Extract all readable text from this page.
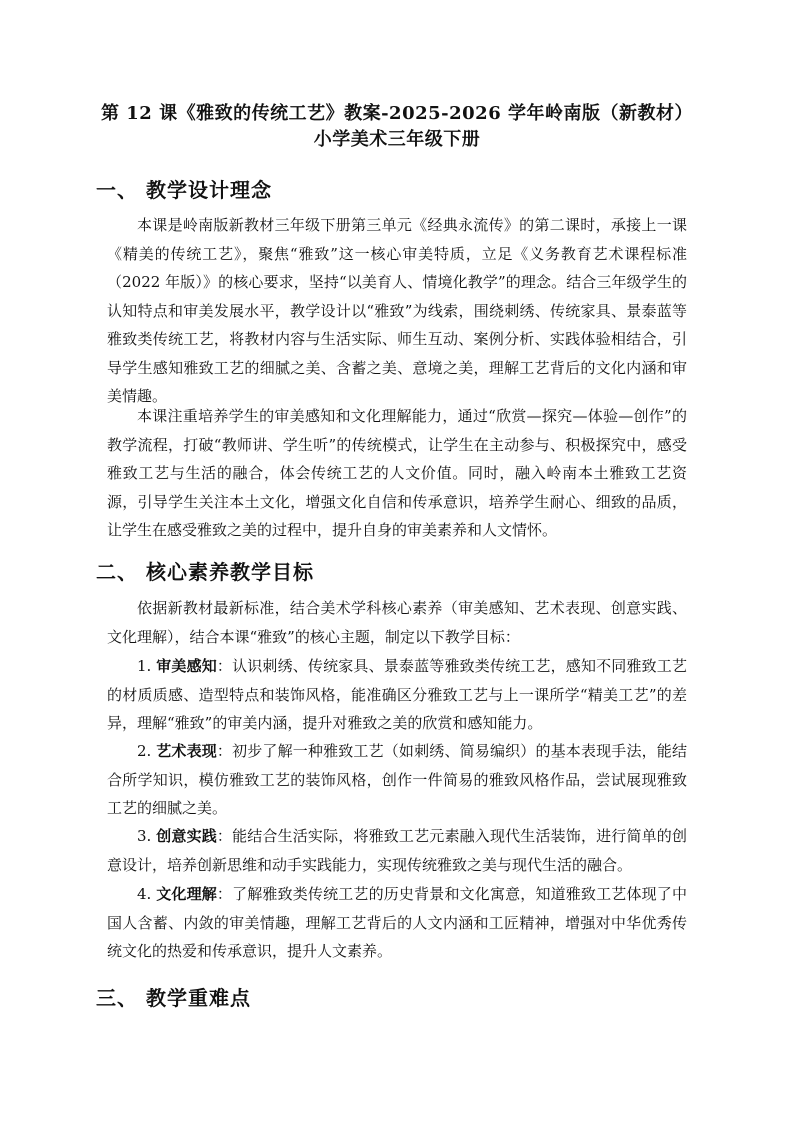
第 12 课《雅致的传统工艺》教案-2025-2026 学年岭南版（新教材）
小学美术三年级下册
一、 教学设计理念
本课是岭南版新教材三年级下册第三单元《经典永流传》的第二课时，承接上一课《精美的传统工艺》，聚焦“雅致”这一核心审美特质，立足《义务教育艺术课程标准（2022 年版）》的核心要求，坚持“以美育人、情境化教学”的理念。结合三年级学生的认知特点和审美发展水平，教学设计以“雅致”为线索，围绕刺绣、传统家具、景泰蓝等雅致类传统工艺，将教材内容与生活实际、师生互动、案例分析、实践体验相结合，引导学生感知雅致工艺的细腻之美、含蓄之美、意境之美，理解工艺背后的文化内涵和审美情趣。
本课注重培养学生的审美感知和文化理解能力，通过“欣赏—探究—体验—创作”的教学流程，打破“教师讲、学生听”的传统模式，让学生在主动参与、积极探究中，感受雅致工艺与生活的融合，体会传统工艺的人文价值。同时，融入岭南本土雅致工艺资源，引导学生关注本土文化，增强文化自信和传承意识，培养学生耐心、细致的品质，让学生在感受雅致之美的过程中，提升自身的审美素养和人文情怀。
二、 核心素养教学目标
依据新教材最新标准，结合美术学科核心素养（审美感知、艺术表现、创意实践、文化理解），结合本课“雅致”的核心主题，制定以下教学目标：
1. 审美感知：认识刺绣、传统家具、景泰蓝等雅致类传统工艺，感知不同雅致工艺的材质质感、造型特点和装饰风格，能准确区分雅致工艺与上一课所学“精美工艺”的差异，理解“雅致”的审美内涵，提升对雅致之美的欣赏和感知能力。
2. 艺术表现：初步了解一种雅致工艺（如刺绣、简易编织）的基本表现手法，能结合所学知识，模仿雅致工艺的装饰风格，创作一件简易的雅致风格作品，尝试展现雅致工艺的细腻之美。
3. 创意实践：能结合生活实际，将雅致工艺元素融入现代生活装饰，进行简单的创意设计，培养创新思维和动手实践能力，实现传统雅致之美与现代生活的融合。
4. 文化理解：了解雅致类传统工艺的历史背景和文化寓意，知道雅致工艺体现了中国人含蓄、内敛的审美情趣，理解工艺背后的人文内涵和工匠精神，增强对中华优秀传统文化的热爱和传承意识，提升人文素养。
三、 教学重难点
